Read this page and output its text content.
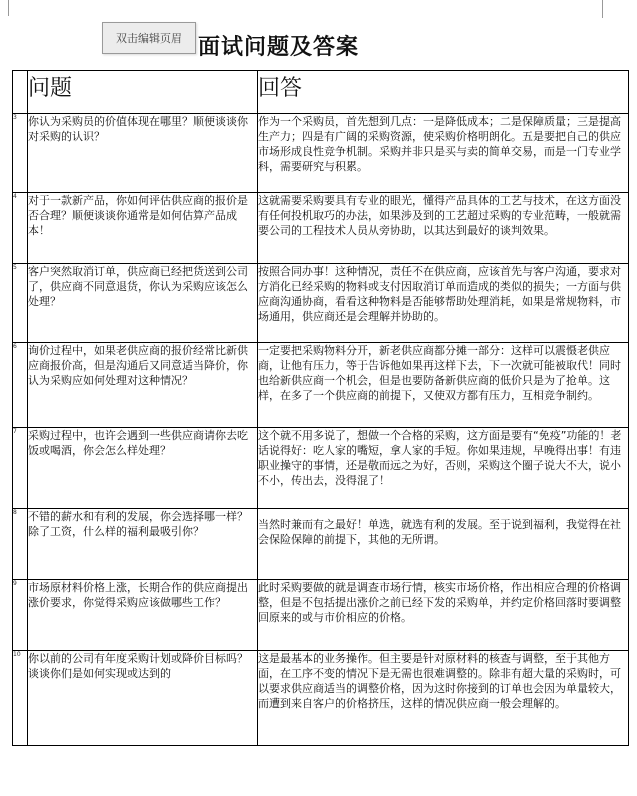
双击编辑页眉 面试问题及答案
	问题	回答
3	你认为采购员的价值体现在哪里？顺便谈谈你对采购的认识？	作为一个采购员，首先想到几点：一是降低成本；二是保障质量；三是提高生产力；四是有广阔的采购资源，使采购价格明朗化。五是要把自己的供应市场形成良性竞争机制。采购并非只是买与卖的简单交易，而是一门专业学科，需要研究与积累。
4	对于一款新产品，你如何评估供应商的报价是否合理？顺便谈谈你通常是如何估算产品成本！	这就需要采购要具有专业的眼光，懂得产品具体的工艺与技术，在这方面没有任何投机取巧的办法，如果涉及到的工艺超过采购的专业范畴，一般就需要公司的工程技术人员从旁协助，以其达到最好的谈判效果。
5	客户突然取消订单，供应商已经把货送到公司了，供应商不同意退货，你认为采购应该怎么处理？	按照合同办事！这种情况，责任不在供应商，应该首先与客户沟通，要求对方消化已经采购的物料或支付因取消订单而造成的类似的损失；一方面与供应商沟通协商，看看这种物料是否能够帮助处理消耗，如果是常规物料，市场通用，供应商还是会理解并协助的。
6	询价过程中，如果老供应商的报价经常比新供应商报价高，但是沟通后又同意适当降价，你认为采购应如何处理对这种情况？	一定要把采购物料分开，新老供应商都分摊一部分：这样可以震慑老供应商，让他有压力，等于告诉他如果再这样下去，下一次就可能被取代！同时也给新供应商一个机会，但是也要防备新供应商的低价只是为了抢单。这样，在多了一个供应商的前提下，又使双方都有压力，互相竞争制约。
7	采购过程中，也许会遇到一些供应商请你去吃饭或喝酒，你会怎么样处理？	这个就不用多说了，想做一个合格的采购，这方面是要有“免疫”功能的！老话说得好：吃人家的嘴短，拿人家的手短。你如果违规，早晚得出事！有违职业操守的事情，还是敬而远之为好，否则，采购这个圈子说大不大，说小不小，传出去，没得混了！
8	不错的薪水和有利的发展，你会选择哪一样？除了工资，什么样的福利最吸引你？	当然时兼而有之最好！单选，就选有利的发展。至于说到福利，我觉得在社会保险保障的前提下，其他的无所谓。
9	市场原材料价格上涨，长期合作的供应商提出涨价要求，你觉得采购应该做哪些工作？	此时采购要做的就是调查市场行情，核实市场价格，作出相应合理的价格调整，但是不包括提出涨价之前已经下发的采购单，并约定价格回落时要调整回原来的或与市价相应的价格。
10	你以前的公司有年度采购计划或降价目标吗？谈谈你们是如何实现或达到的	这是最基本的业务操作。但主要是针对原材料的核查与调整，至于其他方面，在工序不变的情况下是无需也很难调整的。除非有超大量的采购时，可以要求供应商适当的调整价格，因为这时你接到的订单也会因为单量较大，而遭到来自客户的价格挤压，这样的情况供应商一般会理解的。
